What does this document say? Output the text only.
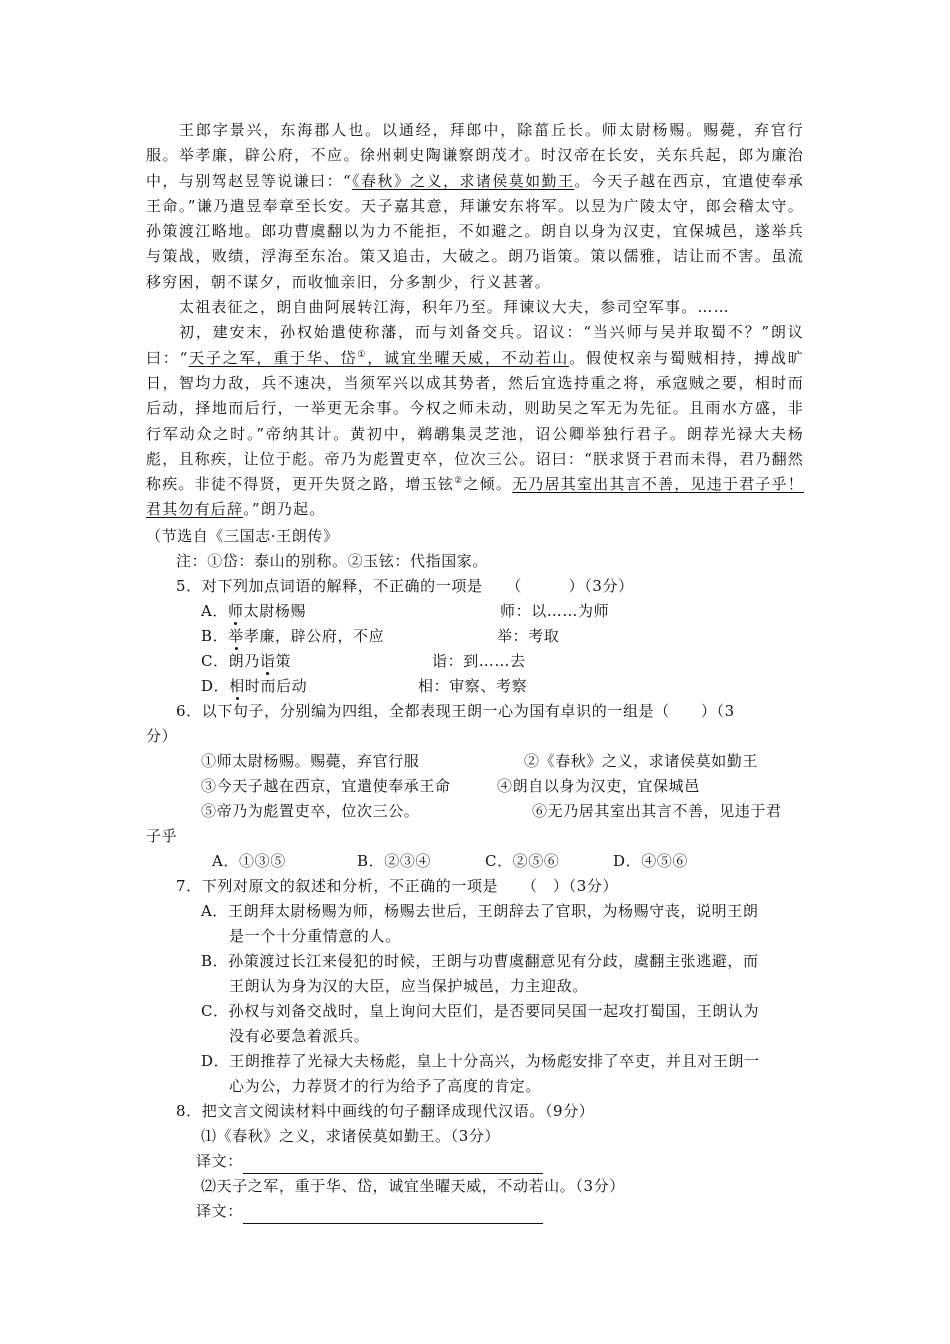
王郎字景兴，东海郡人也。以通经，拜郎中，除菑丘长。师太尉杨赐。赐薨，弃官行服。举孝廉，辟公府，不应。徐州刺史陶谦察朗茂才。时汉帝在长安，关东兵起，郎为廉治中，与别驾赵昱等说谦曰：“《春秋》之义，求诸侯莫如勤王。今天子越在西京，宜遣使奉承王命。”谦乃遣昱奉章至长安。天子嘉其意，拜谦安东将军。以昱为广陵太守，郎会稽太守。孙策渡江略地。郎功曹虞翻以为力不能拒，不如避之。朗自以身为汉吏，宜保城邑，遂举兵与策战，败绩，浮海至东冶。策又追击，大破之。朗乃诣策。策以儒雅，诘让而不害。虽流移穷困，朝不谋夕，而收恤亲旧，分多割少，行义甚著。

太祖表征之，朗自曲阿展转江海，积年乃至。拜谏议大夫，参司空军事。……

初，建安末，孙权始遣使称藩，而与刘备交兵。诏议：“当兴师与吴并取蜀不？”朗议曰：“天子之军，重于华、岱①，诚宜坐曜天威，不动若山。假使权亲与蜀贼相持，搏战旷日，智均力敌，兵不速决，当须军兴以成其势者，然后宜选持重之将，承寇贼之要，相时而后动，择地而后行，一举更无余事。今权之师未动，则助吴之军无为先征。且雨水方盛，非行军动众之时。”帝纳其计。黄初中，鹈鹕集灵芝池，诏公卿举独行君子。朗荐光禄大夫杨彪，且称疾，让位于彪。帝乃为彪置吏卒，位次三公。诏曰：“朕求贤于君而未得，君乃翻然称疾。非徒不得贤，更开失贤之路，增玉铉②之倾。无乃居其室出其言不善，见违于君子乎！君其勿有后辞。”朗乃起。

（节选自《三国志·王朗传》
注：①岱：泰山的别称。②玉铉：代指国家。
5．对下列加点词语的解释，不正确的一项是　　（　　　）（3分）
A．师太尉杨赐	师：以……为师
B．举孝廉，辟公府，不应	举：考取
C．朗乃诣策	诣：到……去
D．相时而后动	相：审察、考察
6．以下句子，分别编为四组，全都表现王朗一心为国有卓识的一组是（　　）（3
分）
①师太尉杨赐。赐薨，弃官行服	②《春秋》之义，求诸侯莫如勤王
③今天子越在西京，宜遣使奉承王命	④朗自以身为汉吏，宜保城邑
⑤帝乃为彪置吏卒，位次三公。	⑥无乃居其室出其言不善，见违于君
子乎
A．①③⑤	B．②③④	C．②⑤⑥	D．④⑤⑥
7．下列对原文的叙述和分析，不正确的一项是　　（　）（3分）
A．王朗拜太尉杨赐为师，杨赐去世后，王朗辞去了官职，为杨赐守丧，说明王朗
是一个十分重情意的人。
B．孙策渡过长江来侵犯的时候，王朗与功曹虞翻意见有分歧，虞翻主张逃避，而
王朗认为身为汉的大臣，应当保护城邑，力主迎敌。
C．孙权与刘备交战时，皇上询问大臣们，是否要同吴国一起攻打蜀国，王朗认为
没有必要急着派兵。
D．王朗推荐了光禄大夫杨彪，皇上十分高兴，为杨彪安排了卒吏，并且对王朗一
心为公，力荐贤才的行为给予了高度的肯定。
8．把文言文阅读材料中画线的句子翻译成现代汉语。（9分）
⑴《春秋》之义，求诸侯莫如勤王。（3分）
译文：
⑵天子之军，重于华、岱，诚宜坐曜天威，不动若山。（3分）
译文：
